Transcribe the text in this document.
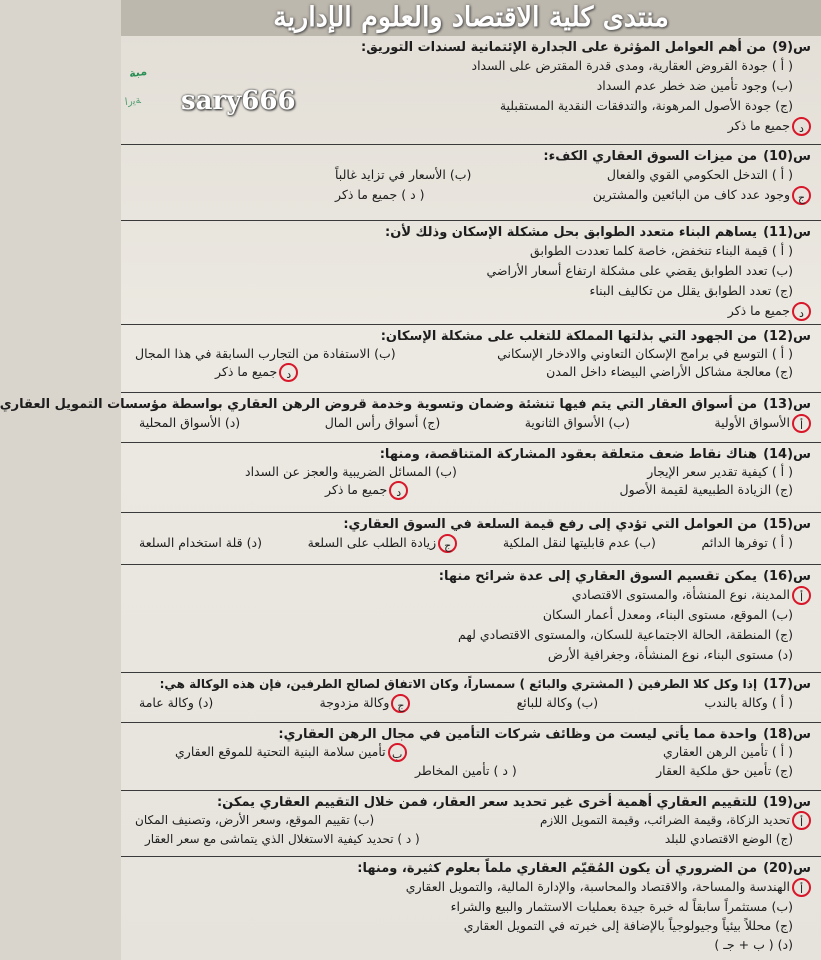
منتدى كلية الاقتصاد والعلوم الإدارية
sary666
مبة
ﺔﻳﺭﺍ
س(9)
من أهم العوامل المؤثرة على الجدارة الإئتمانية لسندات التوريق:
( أ ) جودة القروض العقارية، ومدى قدرة المقترض على السداد
(ب) وجود تأمين ضد خطر عدم السداد
(ج) جودة الأصول المرهونة، والتدفقات النقدية المستقبلية
دجميع ما ذكر
س(10)
من ميزات السوق العقاري الكفء:
( أ ) التدخل الحكومي القوي والفعال
(ب) الأسعار في تزايد غالباً
جوجود عدد كاف من البائعين والمشترين
( د ) جميع ما ذكر
س(11)
يساهم البناء متعدد الطوابق بحل مشكلة الإسكان وذلك لأن:
( أ ) قيمة البناء تنخفض، خاصة كلما تعددت الطوابق
(ب) تعدد الطوابق يقضي على مشكلة ارتفاع أسعار الأراضي
(ج) تعدد الطوابق يقلل من تكاليف البناء
دجميع ما ذكر
س(12)
من الجهود التي بذلتها المملكة للتغلب على مشكلة الإسكان:
( أ ) التوسع في برامج الإسكان التعاوني والادخار الإسكاني
(ب) الاستفادة من التجارب السابقة في هذا المجال
(ج) معالجة مشاكل الأراضي البيضاء داخل المدن
دجميع ما ذكر
س(13)
من أسواق العقار التي يتم فيها تنشئة وضمان وتسوية وخدمة قروض الرهن العقاري بواسطة مؤسسات التمويل العقاري
أالأسواق الأولية
(ب) الأسواق الثانوية
(ج) أسواق رأس المال
(د) الأسواق المحلية
س(14)
هناك نقاط ضعف متعلقة بعقود المشاركة المتناقصة، ومنها:
( أ ) كيفية تقدير سعر الإيجار
(ب) المسائل الضريبية والعجز عن السداد
(ج) الزيادة الطبيعية لقيمة الأصول
دجميع ما ذكر
س(15)
من العوامل التي تؤدي إلى رفع قيمة السلعة في السوق العقاري:
( أ ) توفرها الدائم
(ب) عدم قابليتها لنقل الملكية
جزيادة الطلب على السلعة
(د) قلة استخدام السلعة
س(16)
يمكن تقسيم السوق العقاري إلى عدة شرائح منها:
أالمدينة، نوع المنشأة، والمستوى الاقتصادي
(ب) الموقع، مستوى البناء، ومعدل أعمار السكان
(ج) المنطقة، الحالة الاجتماعية للسكان، والمستوى الاقتصادي لهم
(د) مستوى البناء، نوع المنشأة، وجغرافية الأرض
س(17)
إذا وكل كلا الطرفين ( المشتري والبائع ) سمساراً، وكان الاتفاق لصالح الطرفين، فإن هذه الوكالة هي:
( أ ) وكالة بالندب
(ب) وكالة للبائع
جوكالة مزدوجة
(د) وكالة عامة
س(18)
واحدة مما يأتي ليست من وظائف شركات التأمين في مجال الرهن العقاري:
( أ ) تأمين الرهن العقاري
بتأمين سلامة البنية التحتية للموقع العقاري
(ج) تأمين حق ملكية العقار
( د ) تأمين المخاطر
س(19)
للتقييم العقاري أهمية أخرى غير تحديد سعر العقار، فمن خلال التقييم العقاري يمكن:
أتحديد الزكاة، وقيمة الضرائب، وقيمة التمويل اللازم
(ب) تقييم الموقع، وسعر الأرض، وتصنيف المكان
(ج) الوضع الاقتصادي للبلد
( د ) تحديد كيفية الاستغلال الذي يتماشى مع سعر العقار
س(20)
من الضروري أن يكون المُقيّم العقاري ملماً بعلوم كثيرة، ومنها:
أالهندسة والمساحة، والاقتصاد والمحاسبة، والإدارة المالية، والتمويل العقاري
(ب) مستثمراً سابقاً له خبرة جيدة بعمليات الاستثمار والبيع والشراء
(ج) محللاً بيئياً وجيولوجياً بالإضافة إلى خبرته في التمويل العقاري
(د) ( ب + جـ )
